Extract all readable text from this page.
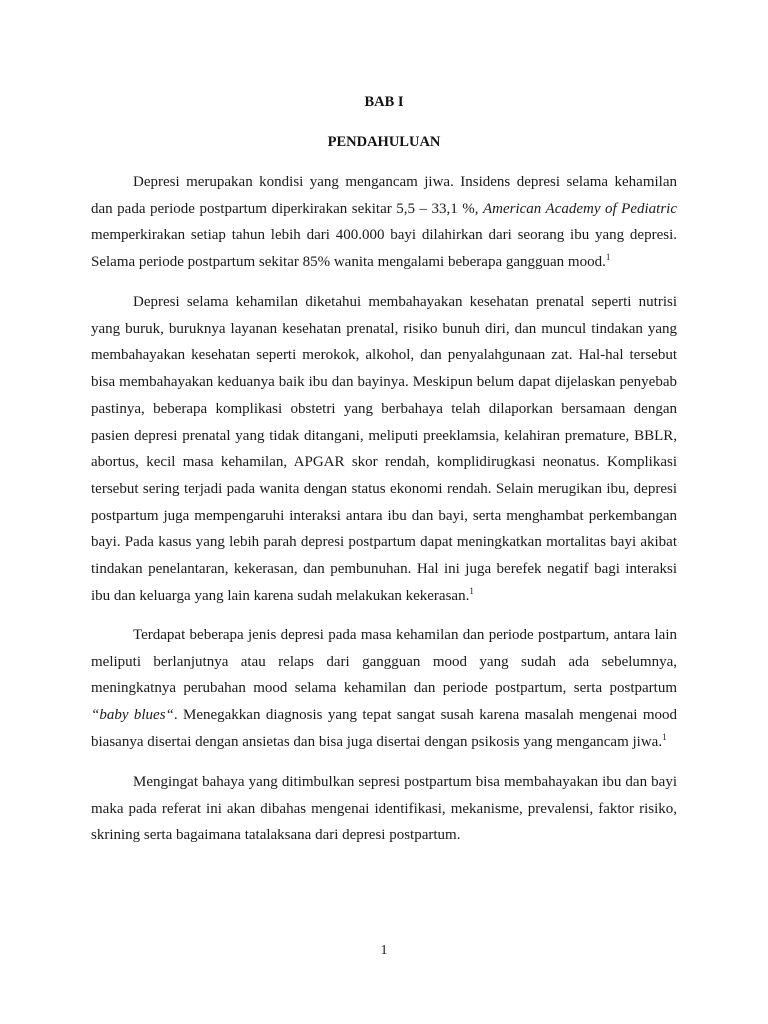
BAB I
PENDAHULUAN

Depresi merupakan kondisi yang mengancam jiwa. Insidens depresi selama kehamilan dan pada periode postpartum diperkirakan sekitar 5,5 – 33,1 %, American Academy of Pediatric memperkirakan setiap tahun lebih dari 400.000 bayi dilahirkan dari seorang ibu yang depresi. Selama periode postpartum sekitar 85% wanita mengalami beberapa gangguan mood.$^1$

Depresi selama kehamilan diketahui membahayakan kesehatan prenatal seperti nutrisi yang buruk, buruknya layanan kesehatan prenatal, risiko bunuh diri, dan muncul tindakan yang membahayakan kesehatan seperti merokok, alkohol, dan penyalahgunaan zat. Hal-hal tersebut bisa membahayakan keduanya baik ibu dan bayinya. Meskipun belum dapat dijelaskan penyebab pastinya, beberapa komplikasi obstetri yang berbahaya telah dilaporkan bersamaan dengan pasien depresi prenatal yang tidak ditangani, meliputi preeklamsia, kelahiran premature, BBLR, abortus, kecil masa kehamilan, APGAR skor rendah, komplidirugkasi neonatus. Komplikasi tersebut sering terjadi pada wanita dengan status ekonomi rendah. Selain merugikan ibu, depresi postpartum juga mempengaruhi interaksi antara ibu dan bayi, serta menghambat perkembangan bayi. Pada kasus yang lebih parah depresi postpartum dapat meningkatkan mortalitas bayi akibat tindakan penelantaran, kekerasan, dan pembunuhan. Hal ini juga berefek negatif bagi interaksi ibu dan keluarga yang lain karena sudah melakukan kekerasan.$^1$

Terdapat beberapa jenis depresi pada masa kehamilan dan periode postpartum, antara lain meliputi berlanjutnya atau relaps dari gangguan mood yang sudah ada sebelumnya, meningkatnya perubahan mood selama kehamilan dan periode postpartum, serta postpartum “baby blues“. Menegakkan diagnosis yang tepat sangat susah karena masalah mengenai mood biasanya disertai dengan ansietas dan bisa juga disertai dengan psikosis yang mengancam jiwa.$^1$

Mengingat bahaya yang ditimbulkan sepresi postpartum bisa membahayakan ibu dan bayi maka pada referat ini akan dibahas mengenai identifikasi, mekanisme, prevalensi, faktor risiko, skrining serta bagaimana tatalaksana dari depresi postpartum.

1
